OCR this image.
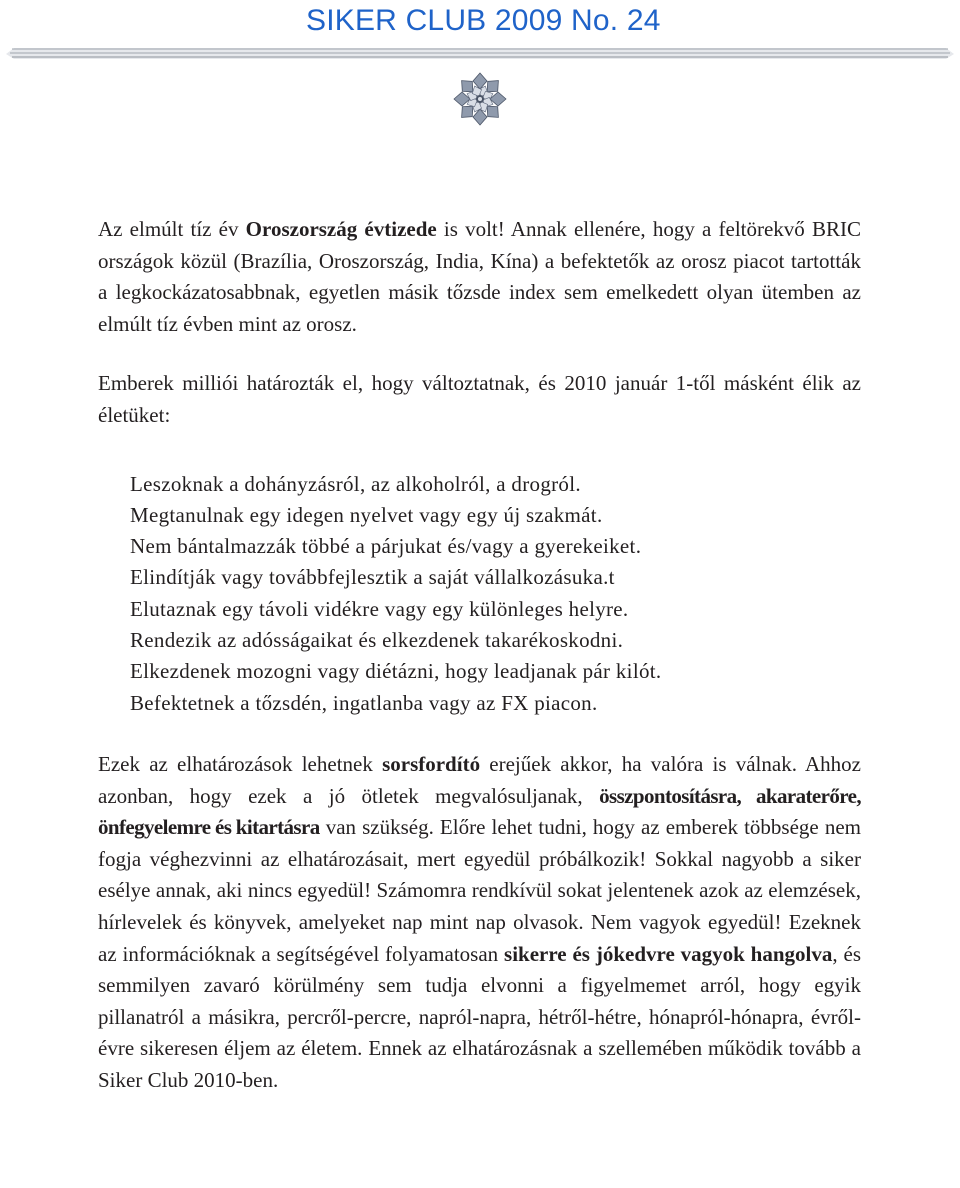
SIKER CLUB 2009 No. 24

Az elmúlt tíz év Oroszország évtizede is volt! Annak ellenére, hogy a feltörekvő BRIC országok közül (Brazília, Oroszország, India, Kína) a befektetők az orosz piacot tartották a legkockázatosabbnak, egyetlen másik tőzsde index sem emelkedett olyan ütemben az elmúlt tíz évben mint az orosz.

Emberek milliói határozták el, hogy változtatnak, és 2010 január 1-től másként élik az életüket:

Leszoknak a dohányzásról, az alkoholról, a drogról.
Megtanulnak egy idegen nyelvet vagy egy új szakmát.
Nem bántalmazzák többé a párjukat és/vagy a gyerekeiket.
Elindítják vagy továbbfejlesztik a saját vállalkozásuka.t
Elutaznak egy távoli vidékre vagy egy különleges helyre.
Rendezik az adósságaikat és elkezdenek takarékoskodni.
Elkezdenek mozogni vagy diétázni, hogy leadjanak pár kilót.
Befektetnek a tőzsdén, ingatlanba vagy az FX piacon.

Ezek az elhatározások lehetnek sorsfordító erejűek akkor, ha valóra is válnak. Ahhoz azonban, hogy ezek a jó ötletek megvalósuljanak, összpontosításra, akaraterőre, önfegyelemre és kitartásra van szükség. Előre lehet tudni, hogy az emberek többsége nem fogja véghezvinni az elhatározásait, mert egyedül próbálkozik! Sokkal nagyobb a siker esélye annak, aki nincs egyedül! Számomra rendkívül sokat jelentenek azok az elemzések, hírlevelek és könyvek, amelyeket nap mint nap olvasok. Nem vagyok egyedül! Ezeknek az információknak a segítségével folyamatosan sikerre és jókedvre vagyok hangolva, és semmilyen zavaró körülmény sem tudja elvonni a figyelmemet arról, hogy egyik pillanatról a másikra, percről-percre, napról-napra, hétről-hétre, hónapról-hónapra, évről-évre sikeresen éljem az életem. Ennek az elhatározásnak a szellemében működik tovább a Siker Club 2010-ben.
